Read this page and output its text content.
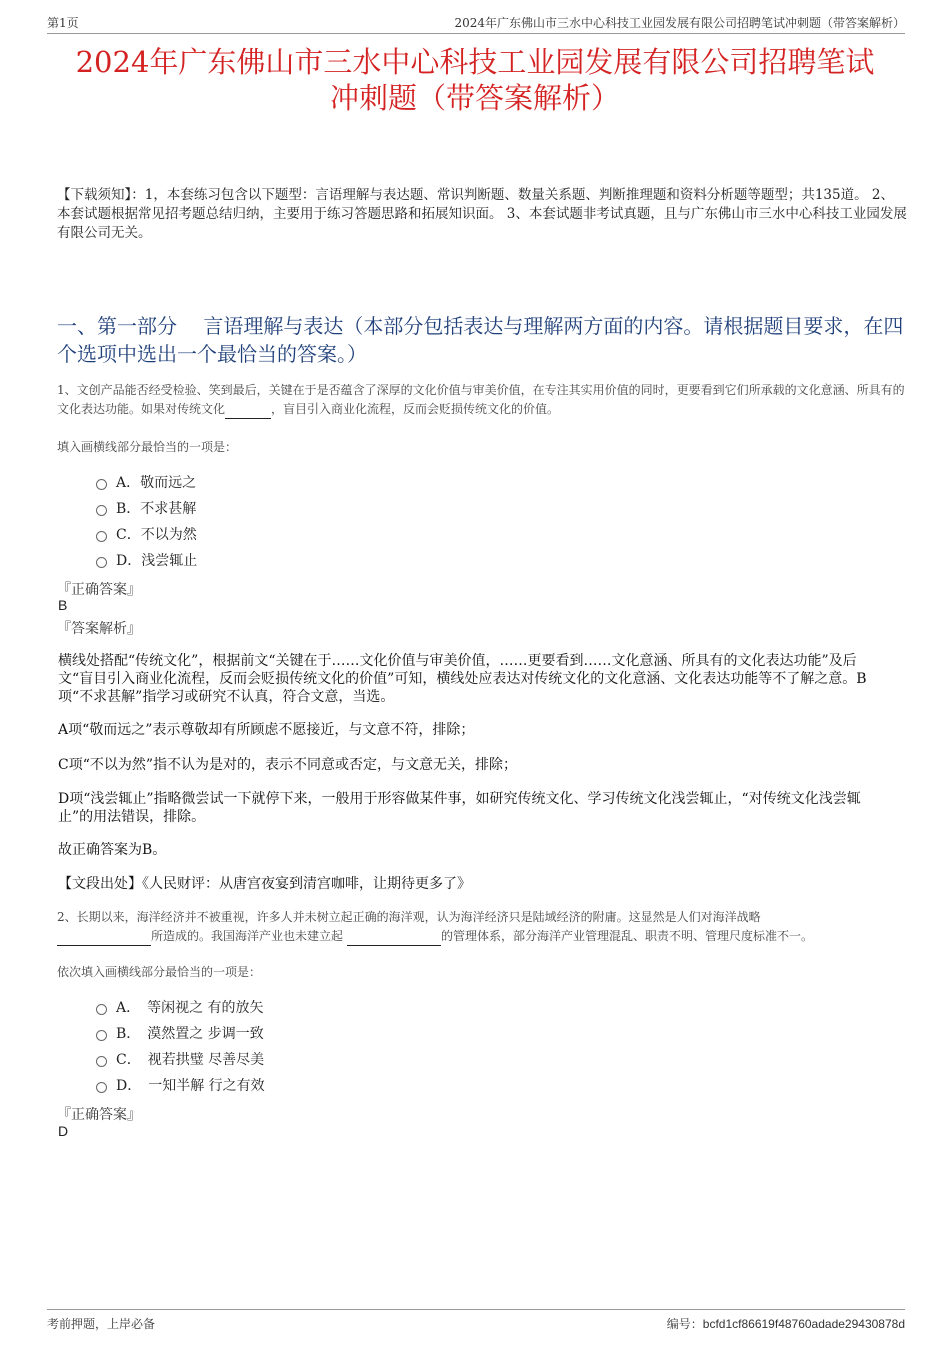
第1页	2024年广东佛山市三水中心科技工业园发展有限公司招聘笔试冲刺题（带答案解析）
2024年广东佛山市三水中心科技工业园发展有限公司招聘笔试
冲刺题（带答案解析）
【下载须知】：1，本套练习包含以下题型：言语理解与表达题、常识判断题、数量关系题、判断推理题和资料分析题等题型；共135道。 2、本套试题根据常见招考题总结归纳，主要用于练习答题思路和拓展知识面。 3、本套试题非考试真题，且与广东佛山市三水中心科技工业园发展有限公司无关。
一、第一部分　 言语理解与表达（本部分包括表达与理解两方面的内容。请根据题目要求，在四个选项中选出一个最恰当的答案。）
1、文创产品能否经受检验、笑到最后，关键在于是否蕴含了深厚的文化价值与审美价值，在专注其实用价值的同时，更要看到它们所承载的文化意涵、所具有的文化表达功能。如果对传统文化	，盲目引入商业化流程，反而会贬损传统文化的价值。
填入画横线部分最恰当的一项是：
A．敬而远之
B．不求甚解
C．不以为然
D．浅尝辄止
『正确答案』
B
『答案解析』
横线处搭配“传统文化”，根据前文“关键在于……文化价值与审美价值，……更要看到……文化意涵、所具有的文化表达功能”及后文“盲目引入商业化流程，反而会贬损传统文化的价值”可知，横线处应表达对传统文化的文化意涵、文化表达功能等不了解之意。B项“不求甚解”指学习或研究不认真，符合文意，当选。
A项“敬而远之”表示尊敬却有所顾虑不愿接近，与文意不符，排除；
C项“不以为然”指不认为是对的，表示不同意或否定，与文意无关，排除；
D项“浅尝辄止”指略微尝试一下就停下来，一般用于形容做某件事，如研究传统文化、学习传统文化浅尝辄止，“对传统文化浅尝辄止”的用法错误，排除。
故正确答案为B。
【文段出处】《人民财评：从唐宫夜宴到清宫咖啡，让期待更多了》
2、长期以来，海洋经济并不被重视，许多人并未树立起正确的海洋观，认为海洋经济只是陆域经济的附庸。这显然是人们对海洋战略
所造成的。我国海洋产业也未建立起	的管理体系，部分海洋产业管理混乱、职责不明、管理尺度标准不一。
依次填入画横线部分最恰当的一项是：
A．　等闲视之 有的放矢
B．　漠然置之 步调一致
C．　视若拱璧 尽善尽美
D．　一知半解 行之有效
『正确答案』
D
考前押题，上岸必备	编号：bcfd1cf86619f48760adade29430878d
